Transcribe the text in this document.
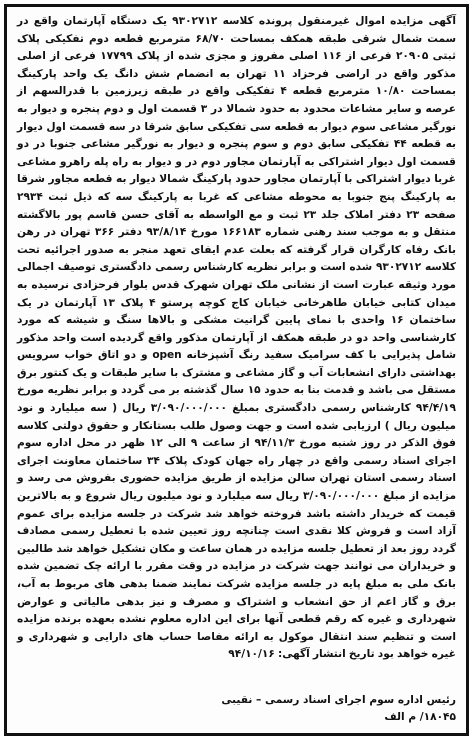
آگهی مزایده اموال غیرمنقول پرونده کلاسه ۹۳۰۲۷۱۲ یک دستگاه آپارتمان واقع در سمت شمال شرقی طبقه همکف بمساحت ۶۸/۷۰ مترمربع قطعه دوم تفکیکی پلاک ثبتی ۲۰۹۰۵ فرعی از ۱۱۶ اصلی مفروز و مجزی شده از پلاک ۱۷۷۹۹ فرعی از اصلی مذکور واقع در اراضی فرحزاد ۱۱ تهران به انضمام شش دانگ یک واحد پارکینگ بمساحت ۱۰/۸۰ مترمربع قطعه ۴ تفکیکی واقع در طبقه زیرزمین با قدرالسهم از عرصه و سایر مشاعات محدود به حدود شمالا در ۳ قسمت اول و دوم پنجره و دیوار به نورگیر مشاعی سوم دیوار به قطعه سی تفکیکی سابق شرقا در سه قسمت اول دیوار به قطعه ۴۴ تفکیکی سابق دوم و سوم پنجره و دیوار به نورگیر مشاعی جنوبا در دو قسمت اول دیوار اشتراکی به آپارتمان مجاور دوم در و دیوار به راه پله راهرو مشاعی غربا دیوار اشتراکی با آپارتمان مجاور حدود پارکینگ شمالا دیوار به قطعه مجاور شرقا به پارکینگ پنج جنوبا به محوطه مشاعی که غربا به پارکینگ سه که ذیل ثبت ۲۹۳۴ صفحه ۲۳ دفتر املاک جلد ۲۳ ثبت و مع الواسطه به آقای حسن قاسم پور بالاگشته منتقل و به موجب سند رهنی شماره ۱۶۶۱۸۳ مورخ ۹۳/۸/۱۴ دفتر ۳۶۶ تهران در رهن بانک رفاه کارگران قرار گرفته که بعلت عدم ایفای تعهد منجر به صدور اجرائیه تحت کلاسه ۹۳۰۲۷۱۲ شده است و برابر نظریه کارشناس رسمی دادگستری توصیف اجمالی مورد وثیقه عبارت است از نشانی ملک تهران شهرک قدس بلوار فرحزادی نرسیده به میدان کتابی خیابان طاهرخانی خیابان کاج کوچه پرستو ۴ پلاک ۱۳ آپارتمان در یک ساختمان ۱۶ واحدی با نمای پایین گرانیت مشکی و بالاها سنگ و شیشه که مورد کارشناسی واحد دو در طبقه همکف از آپارتمان مذکور واقع گردیده است واحد مذکور شامل پذیرایی با کف سرامیک سفید رنگ آشپزخانه open و دو اتاق خواب سرویس بهداشتی دارای انشعابات آب و گاز مشاعی و مشترک با سایر طبقات و یک کنتور برق مستقل می باشد و قدمت بنا به حدود ۱۵ سال گذشته بر می گردد و برابر نظریه مورخ ۹۴/۴/۱۹ کارشناس رسمی دادگستری بمبلغ ۳/۰۹۰/۰۰۰/۰۰۰ ریال ( سه میلیارد و نود میلیون ریال ) ارزیابی شده است و جهت وصول طلب بستانکار و حقوق دولتی کلاسه فوق الذکر در روز شنبه مورخ ۹۴/۱۱/۳ از ساعت ۹ الی ۱۲ ظهر در محل اداره سوم اجرای اسناد رسمی واقع در چهار راه جهان کودک پلاک ۳۴ ساختمان معاونت اجرای اسناد رسمی استان تهران سالن مزایده از طریق مزایده حضوری بفروش می رسد و مزایده از مبلغ ۳/۰۹۰/۰۰۰/۰۰۰ ریال سه میلیارد و نود میلیون ریال شروع و به بالاترین قیمت که خریدار داشته باشد فروخته خواهد شد شرکت در جلسه مزایده برای عموم آزاد است و فروش کلا نقدی است چنانچه روز تعیین شده با تعطیل رسمی مصادف گردد روز بعد از تعطیل جلسه مزایده در همان ساعت و مکان تشکیل خواهد شد طالبین و خریداران می توانند جهت شرکت در مزایده در وقت مقرر با ارائه چک تضمین شده بانک ملی به مبلغ پایه در جلسه مزایده شرکت نمایند ضمنا بدهی های مربوط به آب، برق و گاز اعم از حق انشعاب و اشتراک و مصرف و نیز بدهی مالیاتی و عوارض شهرداری و غیره که رقم قطعی آنها برای این اداره معلوم نشده بعهده برنده مزایده است و تنظیم سند انتقال موکول به ارائه مفاصا حساب های دارایی و شهرداری و غیره خواهد بود تاریخ انتشار آگهی: ۹۴/۱۰/۱۶

رئیس اداره سوم اجرای اسناد رسمی – نقیبی
۱۸۰۴۵/ م الف
